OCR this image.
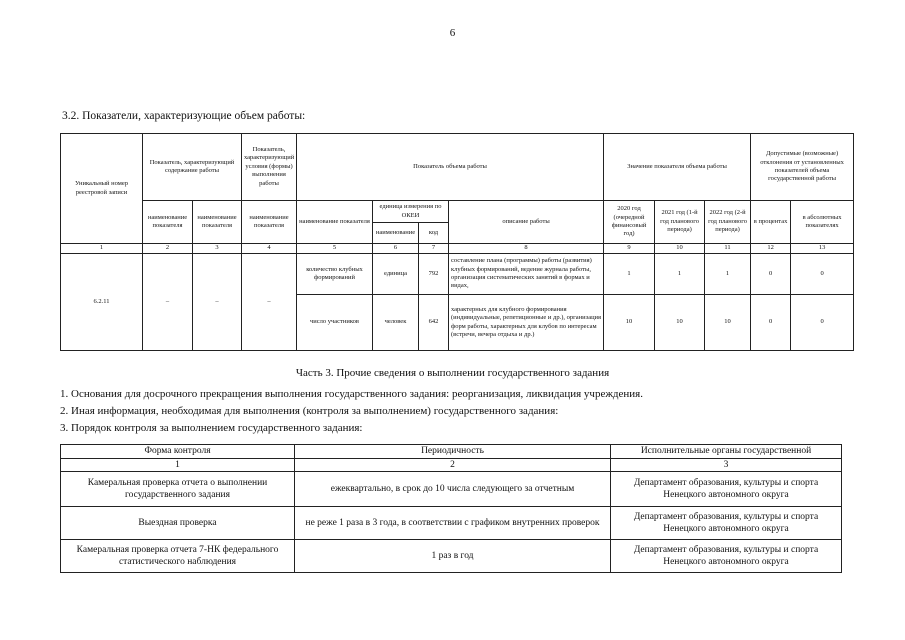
6
3.2. Показатели, характеризующие объем работы:
Уникальный номер реестровой записи	Показатель, характеризующий содержание работы		Показатель, характеризующий условия (формы) выполнения работы	Показатель объема работы				Значение показателя объема работы			Допустимые (возможные) отклонения от установленных показателей объема государственной работы	
	наименование показателя	наименование показателя	наименование показателя	наименование показателя	единица измерения по ОКЕИ		описание работы	2020 год (очередной финансовый год)	2021 год (1-й год планового периода)	2022 год (2-й год планового периода)	в процентах	в абсолютных показателях
					наименование	код						
1	2	3	4	5	6	7	8	9	10	11	12	13
6.2.11	–	–	–	количество клубных формирований	единица	792	составление плана (программы) работы (развития) клубных формирований, ведение журнала работы, организация систематических занятий в формах и видах,	1	1	1	0	0
				число участников	человек	642	характерных для клубного формирования (индивидуальные, репетиционные и др.), организация форм работы, характерных для клубов по интересам (встречи, вечера отдыха и др.)	10	10	10	0	0
Часть 3. Прочие сведения о выполнении государственного задания
1. Основания для досрочного прекращения выполнения государственного задания: реорганизация, ликвидация учреждения.
2. Иная информация, необходимая для выполнения (контроля за выполнением) государственного задания:
3. Порядок контроля за выполнением государственного задания:
Форма контроля	Периодичность	Исполнительные органы государственной
1	2	3
Камеральная проверка отчета о выполнении государственного задания	ежеквартально, в срок до 10 числа следующего за отчетным	Департамент образования, культуры и спорта Ненецкого автономного округа
Выездная проверка	не реже 1 раза в 3 года, в соответствии с графиком внутренних проверок	Департамент образования, культуры и спорта Ненецкого автономного округа
Камеральная проверка отчета 7-НК федерального статистического наблюдения	1 раз в год	Департамент образования, культуры и спорта Ненецкого автономного округа
